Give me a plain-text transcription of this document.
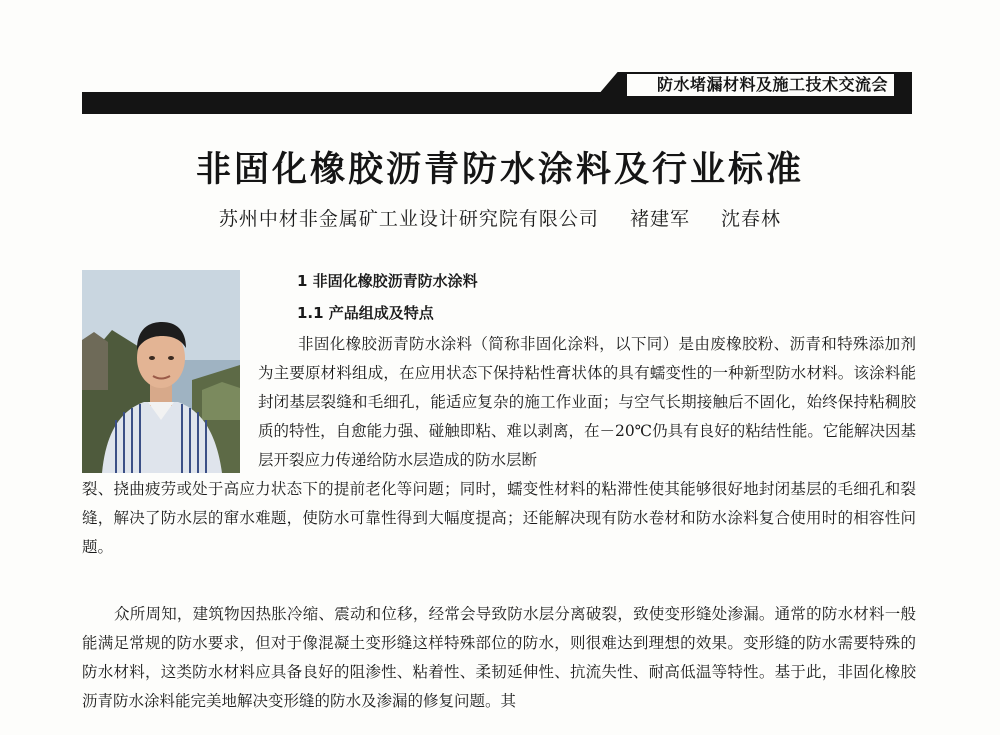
防水堵漏材料及施工技术交流会
非固化橡胶沥青防水涂料及行业标准
苏州中材非金属矿工业设计研究院有限公司 褚建军 沈春林
1 非固化橡胶沥青防水涂料
1.1 产品组成及特点

非固化橡胶沥青防水涂料（简称非固化涂料，以下同）是由废橡胶粉、沥青和特殊添加剂为主要原材料组成，在应用状态下保持粘性膏状体的具有蠕变性的一种新型防水材料。该涂料能封闭基层裂缝和毛细孔，能适应复杂的施工作业面；与空气长期接触后不固化，始终保持粘稠胶质的特性，自愈能力强、碰触即粘、难以剥离，在－20℃仍具有良好的粘结性能。它能解决因基层开裂应力传递给防水层造成的防水层断

裂、挠曲疲劳或处于高应力状态下的提前老化等问题；同时，蠕变性材料的粘滞性使其能够很好地封闭基层的毛细孔和裂缝，解决了防水层的窜水难题，使防水可靠性得到大幅度提高；还能解决现有防水卷材和防水涂料复合使用时的相容性问题。

众所周知，建筑物因热胀冷缩、震动和位移，经常会导致防水层分离破裂，致使变形缝处渗漏。通常的防水材料一般能满足常规的防水要求，但对于像混凝土变形缝这样特殊部位的防水，则很难达到理想的效果。变形缝的防水需要特殊的防水材料，这类防水材料应具备良好的阻渗性、粘着性、柔韧延伸性、抗流失性、耐高低温等特性。基于此，非固化橡胶沥青防水涂料能完美地解决变形缝的防水及渗漏的修复问题。其
